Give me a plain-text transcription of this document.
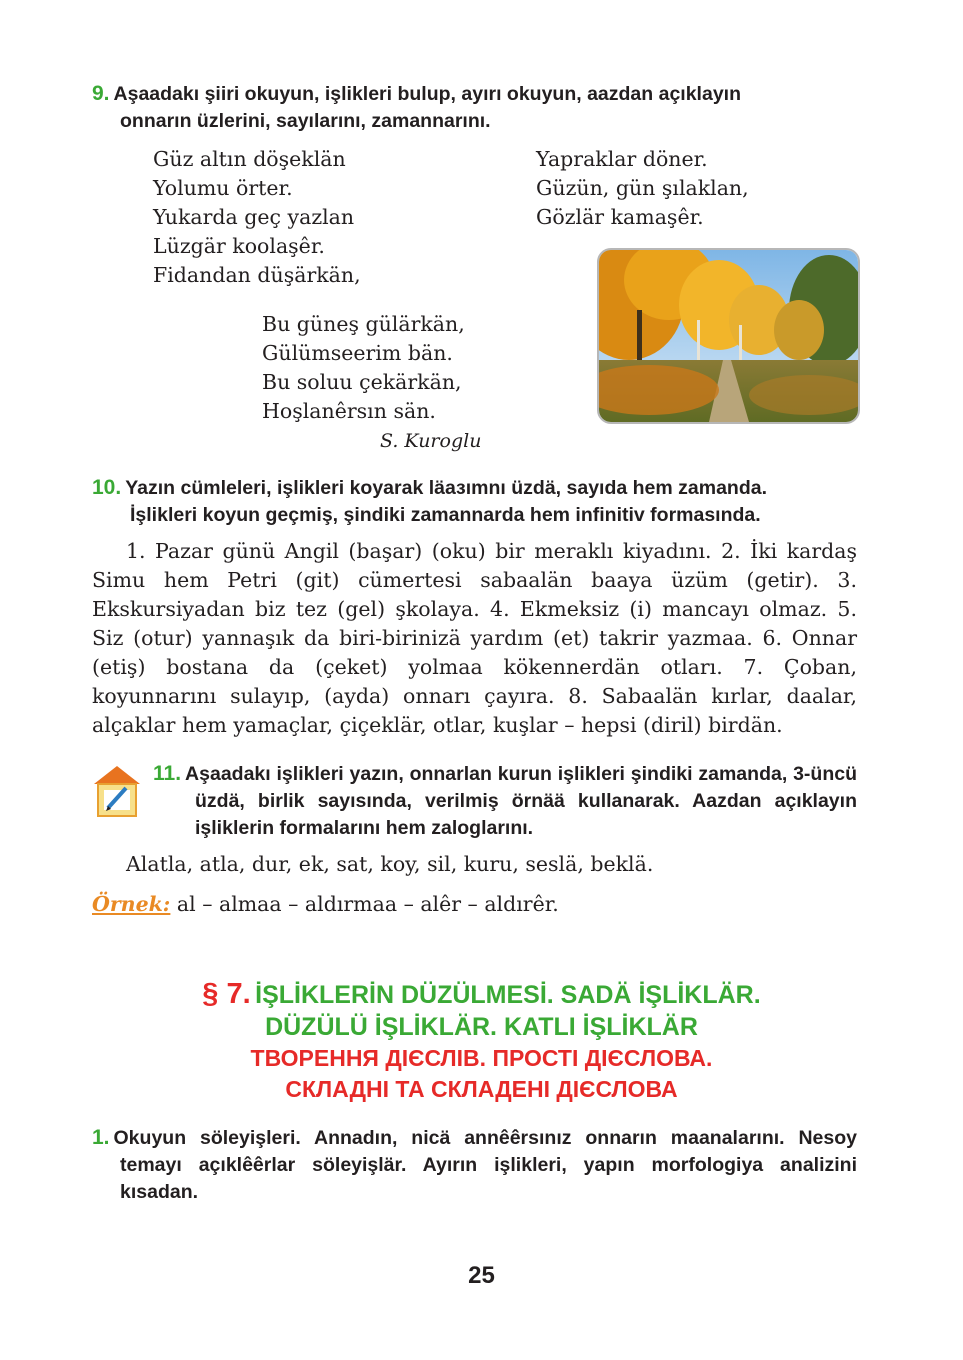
9. Aşaadakı şiiri okuyun, işlikleri bulup, ayırı okuyun, aazdan açıklayın
onnarın üzlerini, sayılarını, zamannarını.
Güz altın döşeklän
Yolumu örter.
Yukarda geç yazlan
Lüzgär koolaşêr.
Fidandan düşärkän,
Yapraklar döner.
Güzün, gün şılaklan,
Gözlär kamaşêr.
Bu güneş gülärkän,
Gülümseerim bän.
Bu soluu çekärkän,
Hoşlanêrsın sän.
S. Kuroglu
10. Yazın cümleleri, işlikleri koyarak läазımnı üzdä, sayıda hem zamanda.
İşlikleri koyun geçmiş, şindiki zamannarda hem infinitiv formasında.
1. Pazar günü Angil (başar) (oku) bir meraklı kiyadını. 2. İki kardaş Simu hem Petri (git) cümertesi sabaalän baaya üzüm (getir). 3. Ekskursiyadan biz tez (gel) şkolaya. 4. Ekmeksiz (i) mancayı olmaz. 5. Siz (otur) yannaşık da biri-birinizä yardım (et) takrir yazmaa. 6. Onnar (etiş) bostana da (çeket) yolmaa kökennerdän otları. 7. Çoban, koyunnarını sulayıp, (ayda) onnarı çayıra. 8. Sabaalän kırlar, daalar, alçaklar hem yamaçlar, çiçeklär, otlar, kuşlar – hepsi (diril) birdän.
11. Aşaadakı işlikleri yazın, onnarlan kurun işlikleri şindiki zamanda, 3-üncü üzdä, birlik sayısında, verilmiş örnää kullanarak. Aazdan açıklayın işliklerin formalarını hem zaloglarını.
Alatla, atla, dur, ek, sat, koy, sil, kuru, seslä, beklä.
Örnek: al – almaa – aldırmaa – alêr – aldırêr.
§ 7. İŞLİKLERİN DÜZÜLMESİ. SADÄ İŞLİKLÄR.
DÜZÜLÜ İŞLİKLÄR. KATLI İŞLİKLÄR
ТВОРЕННЯ ДІЄСЛІВ. ПРОСТІ ДІЄСЛОВА.
СКЛАДНІ ТА СКЛАДЕНІ ДІЄСЛОВА
1. Okuyun söleyişleri. Annadın, nicä annêêrsınız onnarın maanalarını. Nesoy temayı açıklêêrlar söleyişlär. Ayırın işlikleri, yapın morfologiya analizini kısadan.
25
